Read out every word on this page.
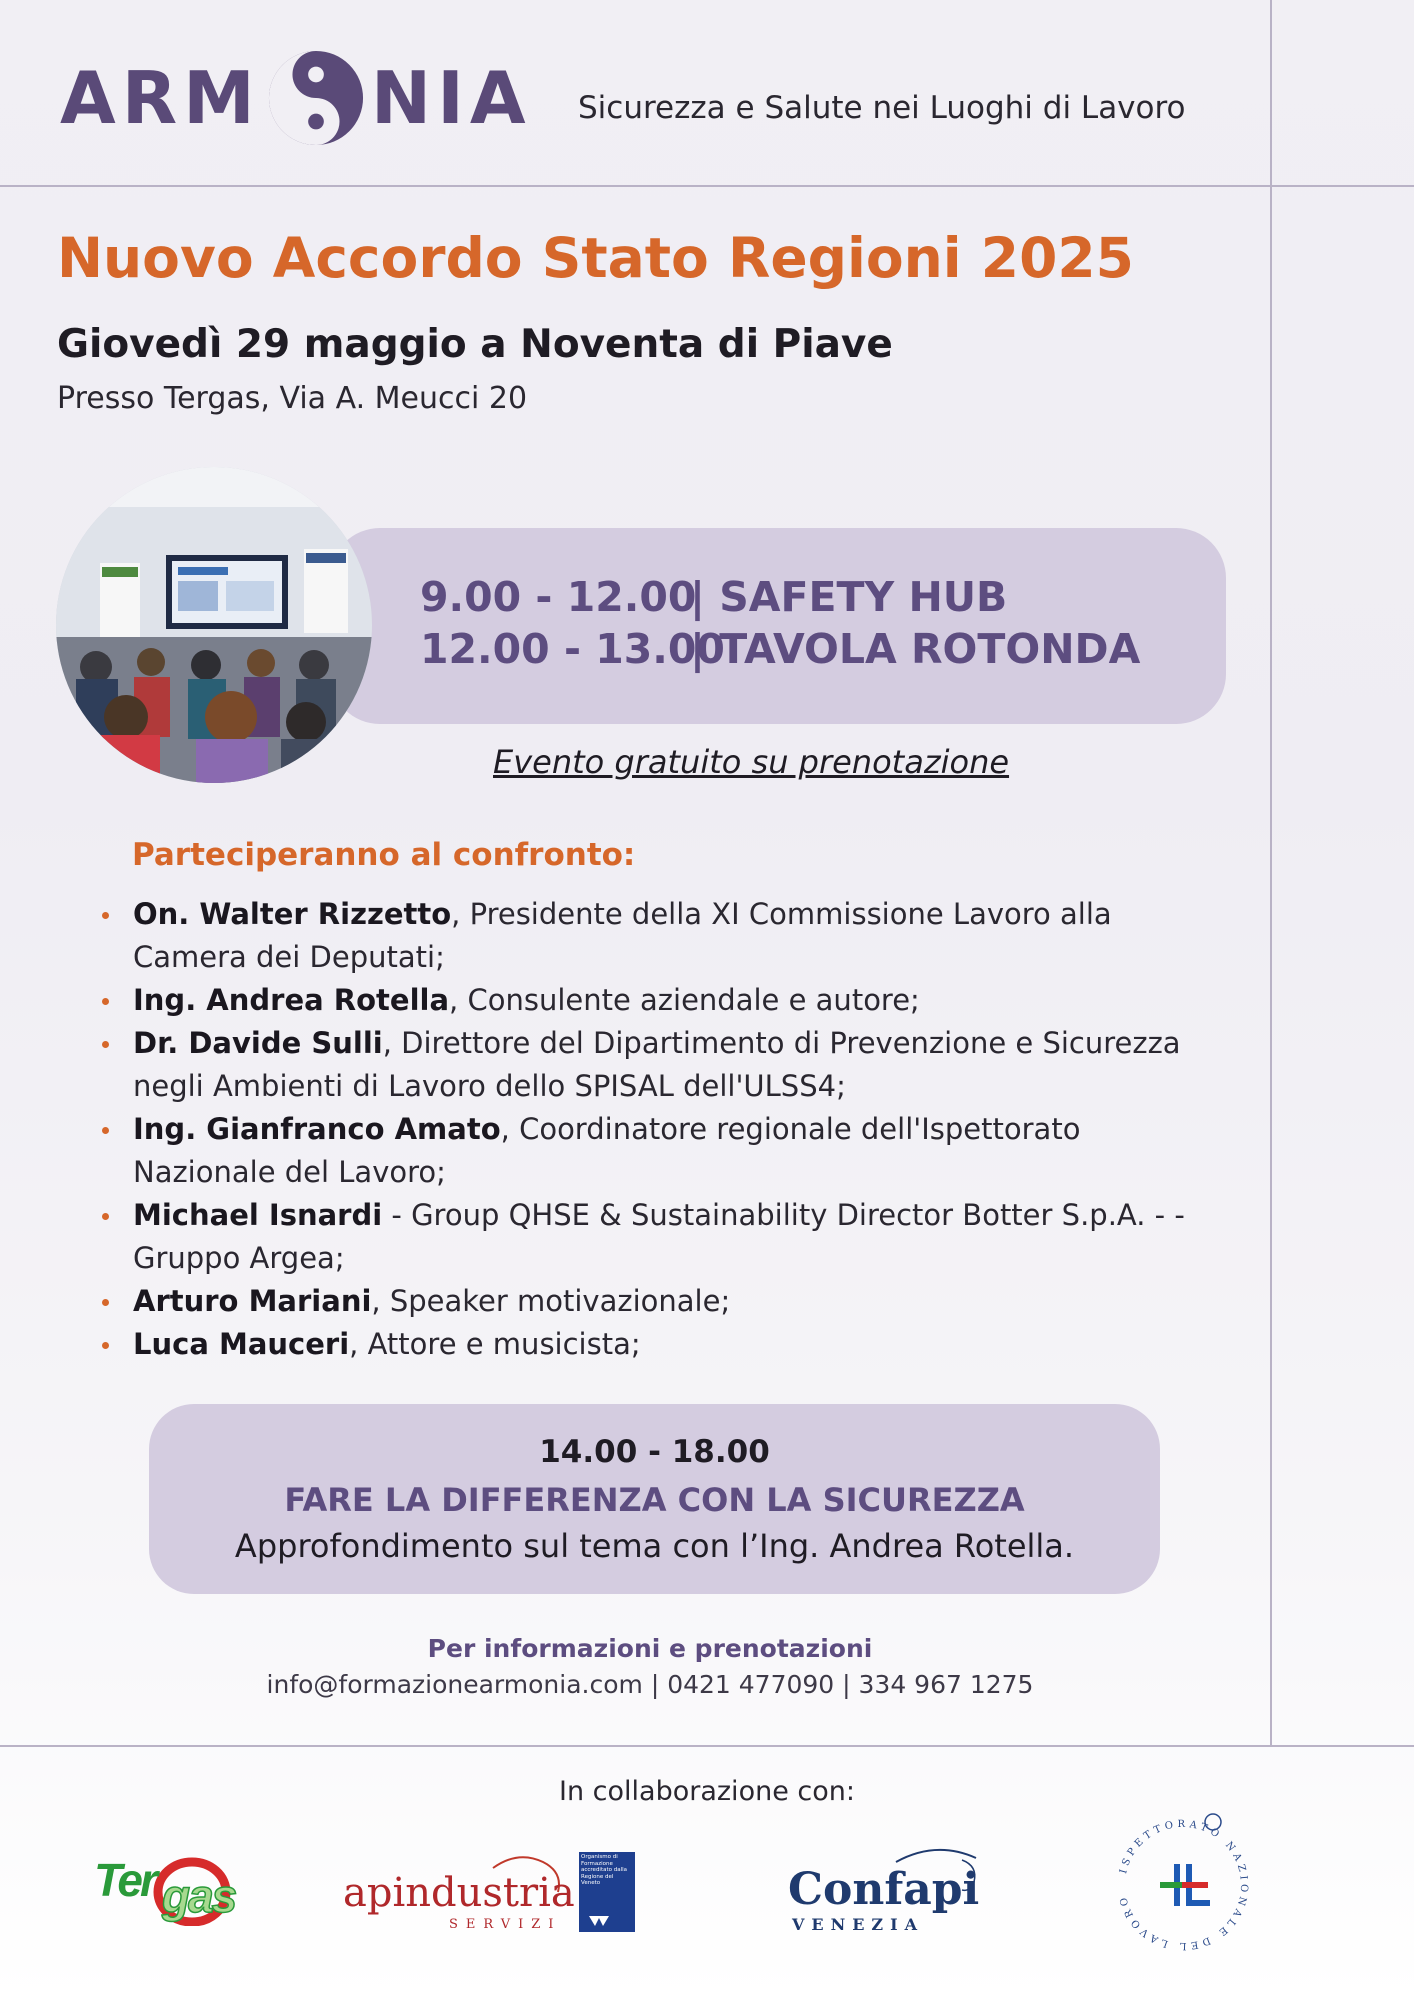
ARM NIA Sicurezza e Salute nei Luoghi di Lavoro
Nuovo Accordo Stato Regioni 2025
Giovedì 29 maggio a Noventa di Piave
Presso Tergas, Via A. Meucci 20
9.00 - 12.00| SAFETY HUB
12.00 - 13.00| TAVOLA ROTONDA
Evento gratuito su prenotazione
Parteciperanno al confronto:
On. Walter Rizzetto, Presidente della XI Commissione Lavoro alla Camera dei Deputati;
Ing. Andrea Rotella, Consulente aziendale e autore;
Dr. Davide Sulli, Direttore del Dipartimento di Prevenzione e Sicurezza negli Ambienti di Lavoro dello SPISAL dell'ULSS4;
Ing. Gianfranco Amato, Coordinatore regionale dell'Ispettorato Nazionale del Lavoro;
Michael Isnardi - Group QHSE & Sustainability Director Botter S.p.A. - - Gruppo Argea;
Arturo Mariani, Speaker motivazionale;
Luca Mauceri, Attore e musicista;
14.00 - 18.00
FARE LA DIFFERENZA CON LA SICUREZZA
Approfondimento sul tema con l’Ing. Andrea Rotella.
Per informazioni e prenotazioni
info@formazionearmonia.com | 0421 477090 | 334 967 1275
In collaborazione con:
Ter gas	apindustria
SERVIZI
Organismo di Formazione accreditato dalla Regione del Veneto	Confapi
VENEZIA
ISPETTORATO NAZIONALE DEL LAVORO
